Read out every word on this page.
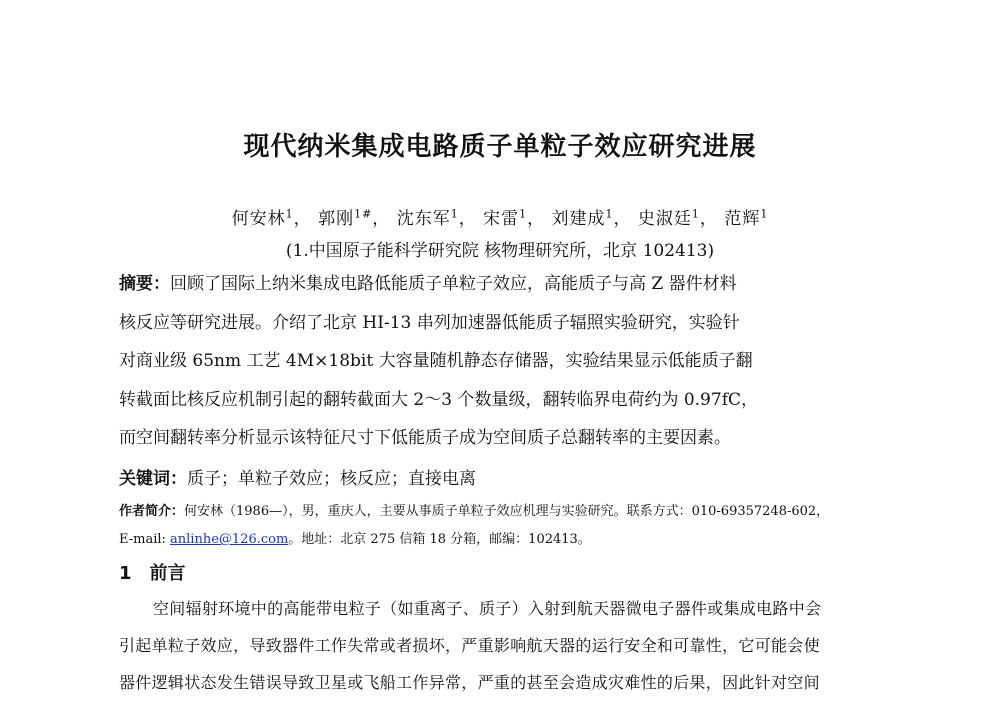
现代纳米集成电路质子单粒子效应研究进展
何安林$^1$， 郭刚$^{1\#}$， 沈东军$^1$， 宋雷$^1$， 刘建成$^1$， 史淑廷$^1$， 范辉$^1$
(1.中国原子能科学研究院 核物理研究所，北京 102413)

摘要：回顾了国际上纳米集成电路低能质子单粒子效应，高能质子与高 Z 器件材料

核反应等研究进展。介绍了北京 HI-13 串列加速器低能质子辐照实验研究，实验针

对商业级 65nm 工艺 4M×18bit 大容量随机静态存储器，实验结果显示低能质子翻

转截面比核反应机制引起的翻转截面大 2～3 个数量级，翻转临界电荷约为 0.97fC，

而空间翻转率分析显示该特征尺寸下低能质子成为空间质子总翻转率的主要因素。

关键词：质子；单粒子效应；核反应；直接电离

作者简介：何安林（1986—），男，重庆人，主要从事质子单粒子效应机理与实验研究。联系方式：010-69357248-602，

E-mail: anlinhe@126.com。地址：北京 275 信箱 18 分箱，邮编：102413。

1 前言

空间辐射环境中的高能带电粒子（如重离子、质子）入射到航天器微电子器件或集成电路中会

引起单粒子效应，导致器件工作失常或者损坏，严重影响航天器的运行安全和可靠性，它可能会使

器件逻辑状态发生错误导致卫星或飞船工作异常，严重的甚至会造成灾难性的后果，因此针对空间
